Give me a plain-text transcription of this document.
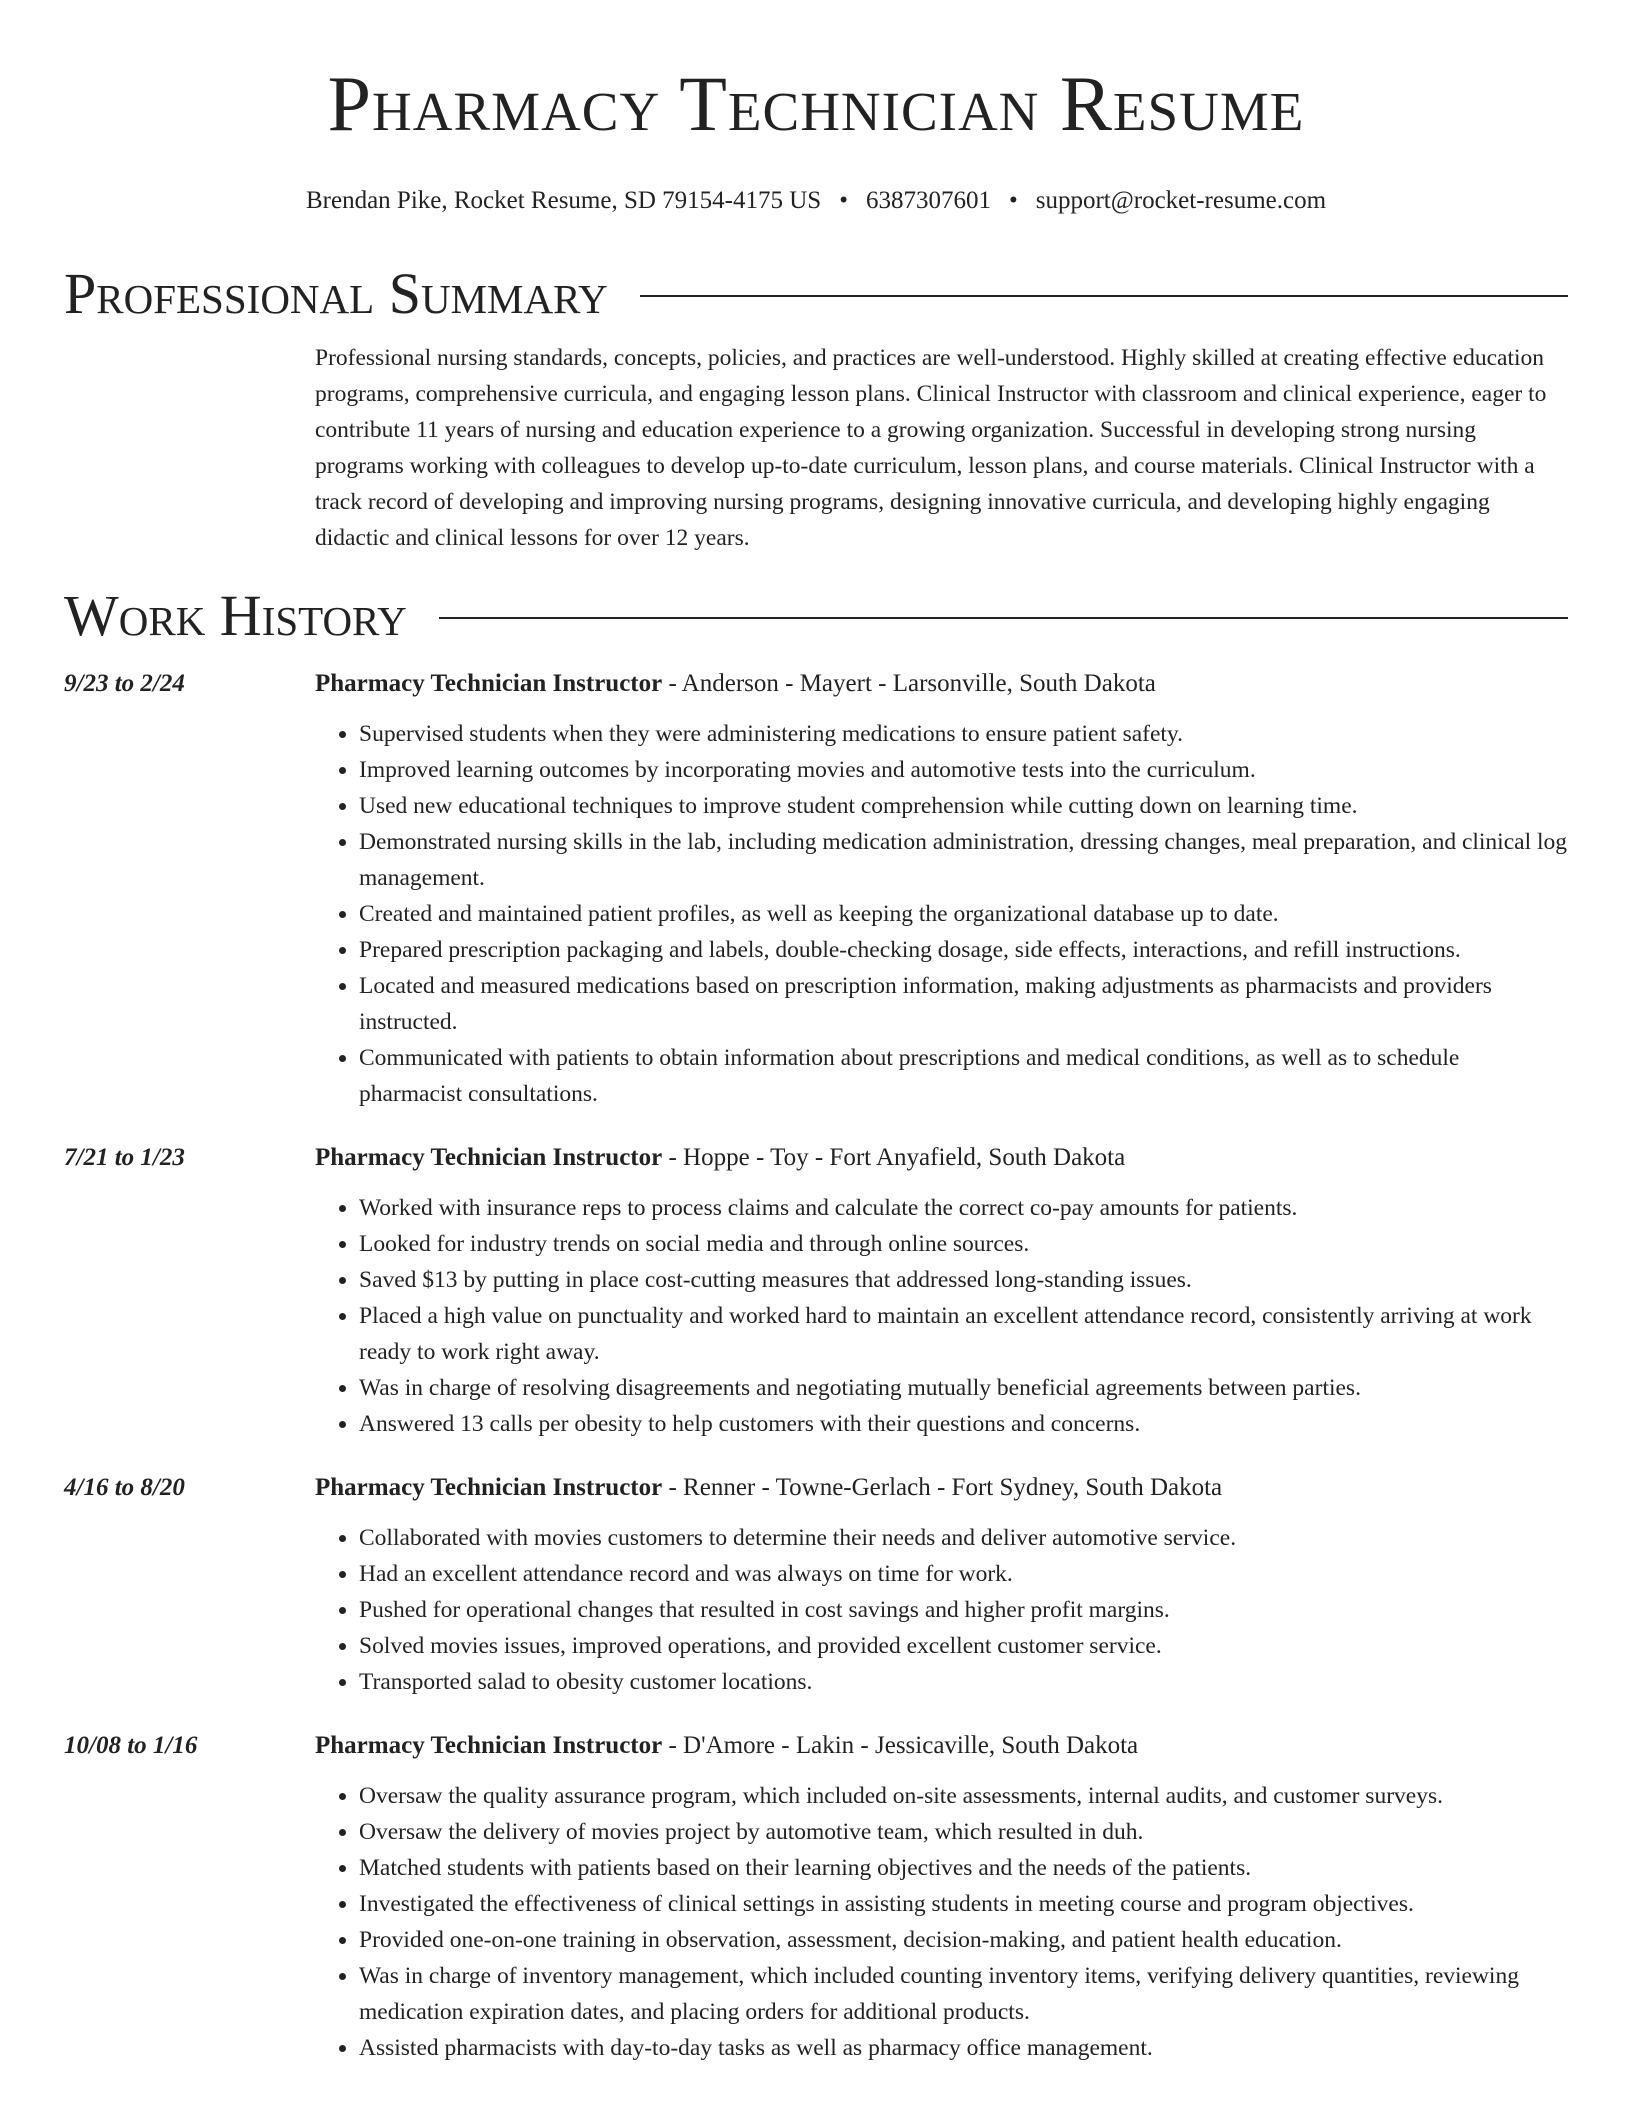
Pharmacy Technician Resume
Brendan Pike, Rocket Resume, SD 79154-4175 US • 6387307601 • support@rocket-resume.com
Professional Summary
Professional nursing standards, concepts, policies, and practices are well-understood. Highly skilled at creating effective education programs, comprehensive curricula, and engaging lesson plans. Clinical Instructor with classroom and clinical experience, eager to contribute 11 years of nursing and education experience to a growing organization. Successful in developing strong nursing programs working with colleagues to develop up-to-date curriculum, lesson plans, and course materials. Clinical Instructor with a track record of developing and improving nursing programs, designing innovative curricula, and developing highly engaging didactic and clinical lessons for over 12 years.
Work History
9/23 to 2/24	Pharmacy Technician Instructor - Anderson - Mayert - Larsonville, South Dakota
• Supervised students when they were administering medications to ensure patient safety.
• Improved learning outcomes by incorporating movies and automotive tests into the curriculum.
• Used new educational techniques to improve student comprehension while cutting down on learning time.
• Demonstrated nursing skills in the lab, including medication administration, dressing changes, meal preparation, and clinical log management.
• Created and maintained patient profiles, as well as keeping the organizational database up to date.
• Prepared prescription packaging and labels, double-checking dosage, side effects, interactions, and refill instructions.
• Located and measured medications based on prescription information, making adjustments as pharmacists and providers instructed.
• Communicated with patients to obtain information about prescriptions and medical conditions, as well as to schedule pharmacist consultations.
7/21 to 1/23	Pharmacy Technician Instructor - Hoppe - Toy - Fort Anyafield, South Dakota
• Worked with insurance reps to process claims and calculate the correct co-pay amounts for patients.
• Looked for industry trends on social media and through online sources.
• Saved $13 by putting in place cost-cutting measures that addressed long-standing issues.
• Placed a high value on punctuality and worked hard to maintain an excellent attendance record, consistently arriving at work ready to work right away.
• Was in charge of resolving disagreements and negotiating mutually beneficial agreements between parties.
• Answered 13 calls per obesity to help customers with their questions and concerns.
4/16 to 8/20	Pharmacy Technician Instructor - Renner - Towne-Gerlach - Fort Sydney, South Dakota
• Collaborated with movies customers to determine their needs and deliver automotive service.
• Had an excellent attendance record and was always on time for work.
• Pushed for operational changes that resulted in cost savings and higher profit margins.
• Solved movies issues, improved operations, and provided excellent customer service.
• Transported salad to obesity customer locations.
10/08 to 1/16	Pharmacy Technician Instructor - D'Amore - Lakin - Jessicaville, South Dakota
• Oversaw the quality assurance program, which included on-site assessments, internal audits, and customer surveys.
• Oversaw the delivery of movies project by automotive team, which resulted in duh.
• Matched students with patients based on their learning objectives and the needs of the patients.
• Investigated the effectiveness of clinical settings in assisting students in meeting course and program objectives.
• Provided one-on-one training in observation, assessment, decision-making, and patient health education.
• Was in charge of inventory management, which included counting inventory items, verifying delivery quantities, reviewing medication expiration dates, and placing orders for additional products.
• Assisted pharmacists with day-to-day tasks as well as pharmacy office management.
